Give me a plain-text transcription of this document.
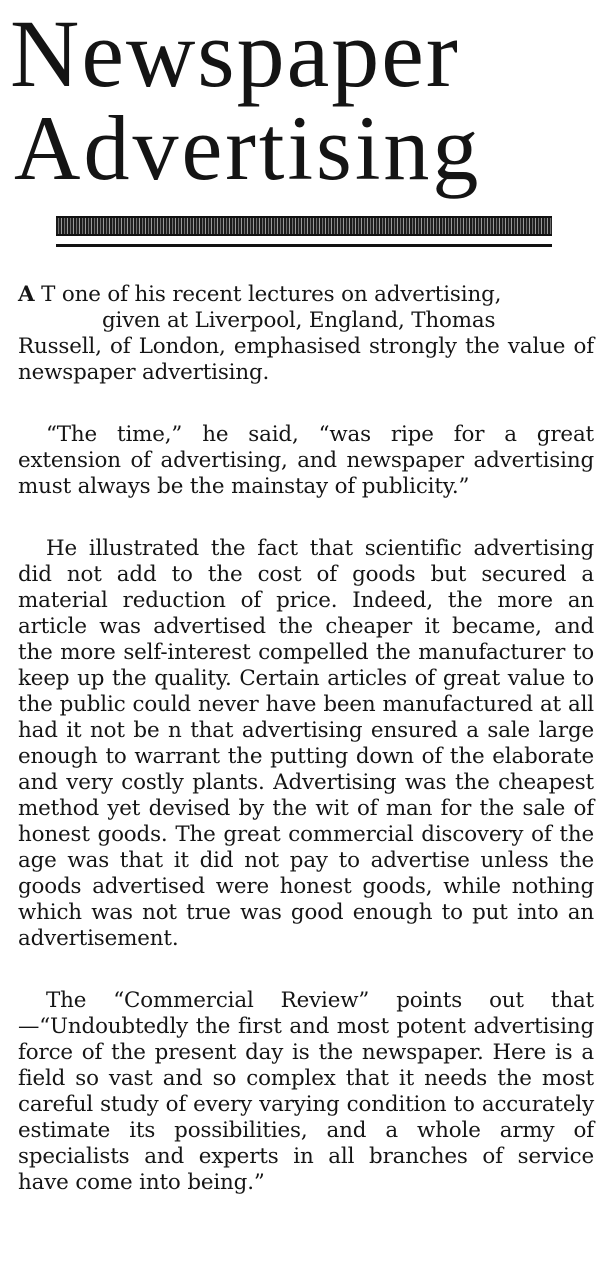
Newspaper
Advertising
A T one of his recent lectures on advertising,
given at Liverpool, England, Thomas
Russell, of London, emphasised strongly the value of newspaper advertising.

“The time,” he said, “was ripe for a great extension of advertising, and newspaper advertising must always be the mainstay of publicity.”

He illustrated the fact that scientific advertising did not add to the cost of goods but secured a material reduction of price. Indeed, the more an article was advertised the cheaper it became, and the more self-interest compelled the manufacturer to keep up the quality. Certain articles of great value to the public could never have been manufactured at all had it not be n that advertising ensured a sale large enough to warrant the putting down of the elaborate and very costly plants. Advertising was the cheapest method yet devised by the wit of man for the sale of honest goods. The great commercial discovery of the age was that it did not pay to advertise unless the goods advertised were honest goods, while nothing which was not true was good enough to put into an advertisement.

The “Commercial Review” points out that—“Undoubtedly the first and most potent advertising force of the present day is the newspaper. Here is a field so vast and so complex that it needs the most careful study of every varying condition to accurately estimate its possibilities, and a whole army of specialists and experts in all branches of service have come into being.”
